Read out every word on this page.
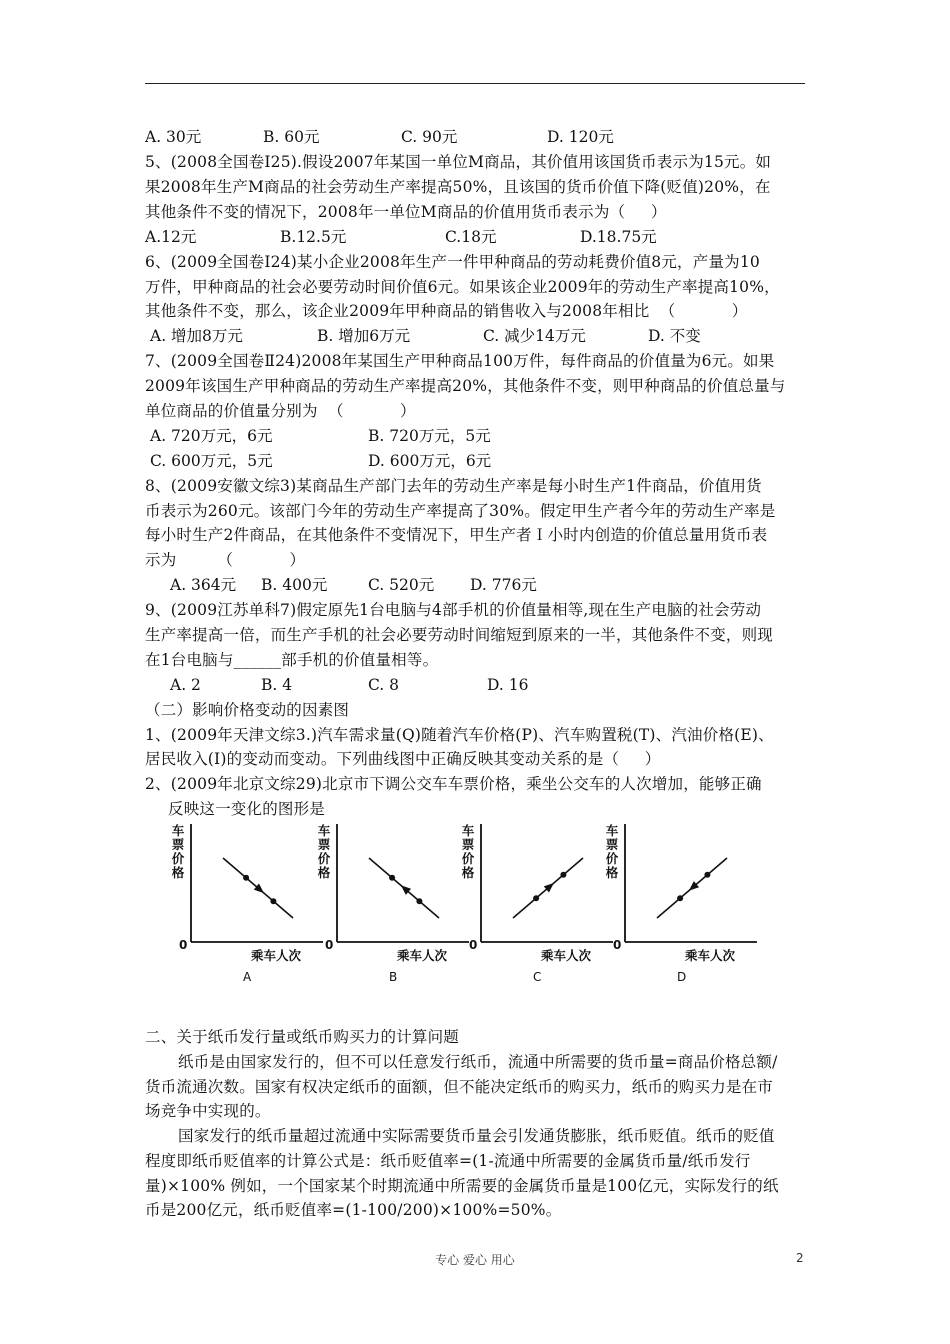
A. 30元	B. 60元	C. 90元	D. 120元
5、(2008全国卷Ⅰ25).假设2007年某国一单位M商品，其价值用该国货币表示为15元。如
果2008年生产M商品的社会劳动生产率提高50%，且该国的货币价值下降(贬值)20%，在
其他条件不变的情况下，2008年一单位M商品的价值用货币表示为（     ）
A.12元	B.12.5元	C.18元	D.18.75元
6、(2009全国卷Ⅰ24)某小企业2008年生产一件甲种商品的劳动耗费价值8元，产量为10
万件，甲种商品的社会必要劳动时间价值6元。如果该企业2009年的劳动生产率提高10%，
其他条件不变，那么，该企业2009年甲种商品的销售收入与2008年相比  （           ）
A. 增加8万元	B. 增加6万元	C. 减少14万元	D. 不变
7、(2009全国卷Ⅱ24)2008年某国生产甲种商品100万件，每件商品的价值量为6元。如果
2009年该国生产甲种商品的劳动生产率提高20%，其他条件不变，则甲种商品的价值总量与
单位商品的价值量分别为  （           ）
A. 720万元，6元	B. 720万元，5元
C. 600万元，5元	D. 600万元，6元
8、(2009安徽文综3)某商品生产部门去年的劳动生产率是每小时生产1件商品，价值用货
币表示为260元。该部门今年的劳动生产率提高了30%。假定甲生产者今年的劳动生产率是
每小时生产2件商品，在其他条件不变情况下，甲生产者Ｉ小时内创造的价值总量用货币表
示为        （           ）
A. 364元 B. 400元	C. 520元 D. 776元
9、(2009江苏单科7)假定原先1台电脑与4部手机的价值量相等,现在生产电脑的社会劳动
生产率提高一倍，而生产手机的社会必要劳动时间缩短到原来的一半，其他条件不变，则现
在1台电脑与______部手机的价值量相等。
A. 2	B. 4	C. 8	D. 16
（二）影响价格变动的因素图
1、(2009年天津文综3.)汽车需求量(Q)随着汽车价格(P)、汽车购置税(T)、汽油价格(E)、
居民收入(I)的变动而变动。下列曲线图中正确反映其变动关系的是（     ）
2、(2009年北京文综29)北京市下调公交车车票价格，乘坐公交车的人次增加，能够正确
反映这一变化的图形是
车
票
价
格
0
乘车人次
A
车
票
价
格
0
乘车人次
B
车
票
价
格
0
乘车人次
C
车
票
价
格
0
乘车人次
D
二、关于纸币发行量或纸币购买力的计算问题
纸币是由国家发行的，但不可以任意发行纸币，流通中所需要的货币量=商品价格总额/
货币流通次数。国家有权决定纸币的面额，但不能决定纸币的购买力，纸币的购买力是在市
场竞争中实现的。
国家发行的纸币量超过流通中实际需要货币量会引发通货膨胀，纸币贬值。纸币的贬值
程度即纸币贬值率的计算公式是：纸币贬值率=(1-流通中所需要的金属货币量/纸币发行
量)×100% 例如，一个国家某个时期流通中所需要的金属货币量是100亿元，实际发行的纸
币是200亿元，纸币贬值率=(1-100/200)×100%=50%。
专心 爱心 用心	2
